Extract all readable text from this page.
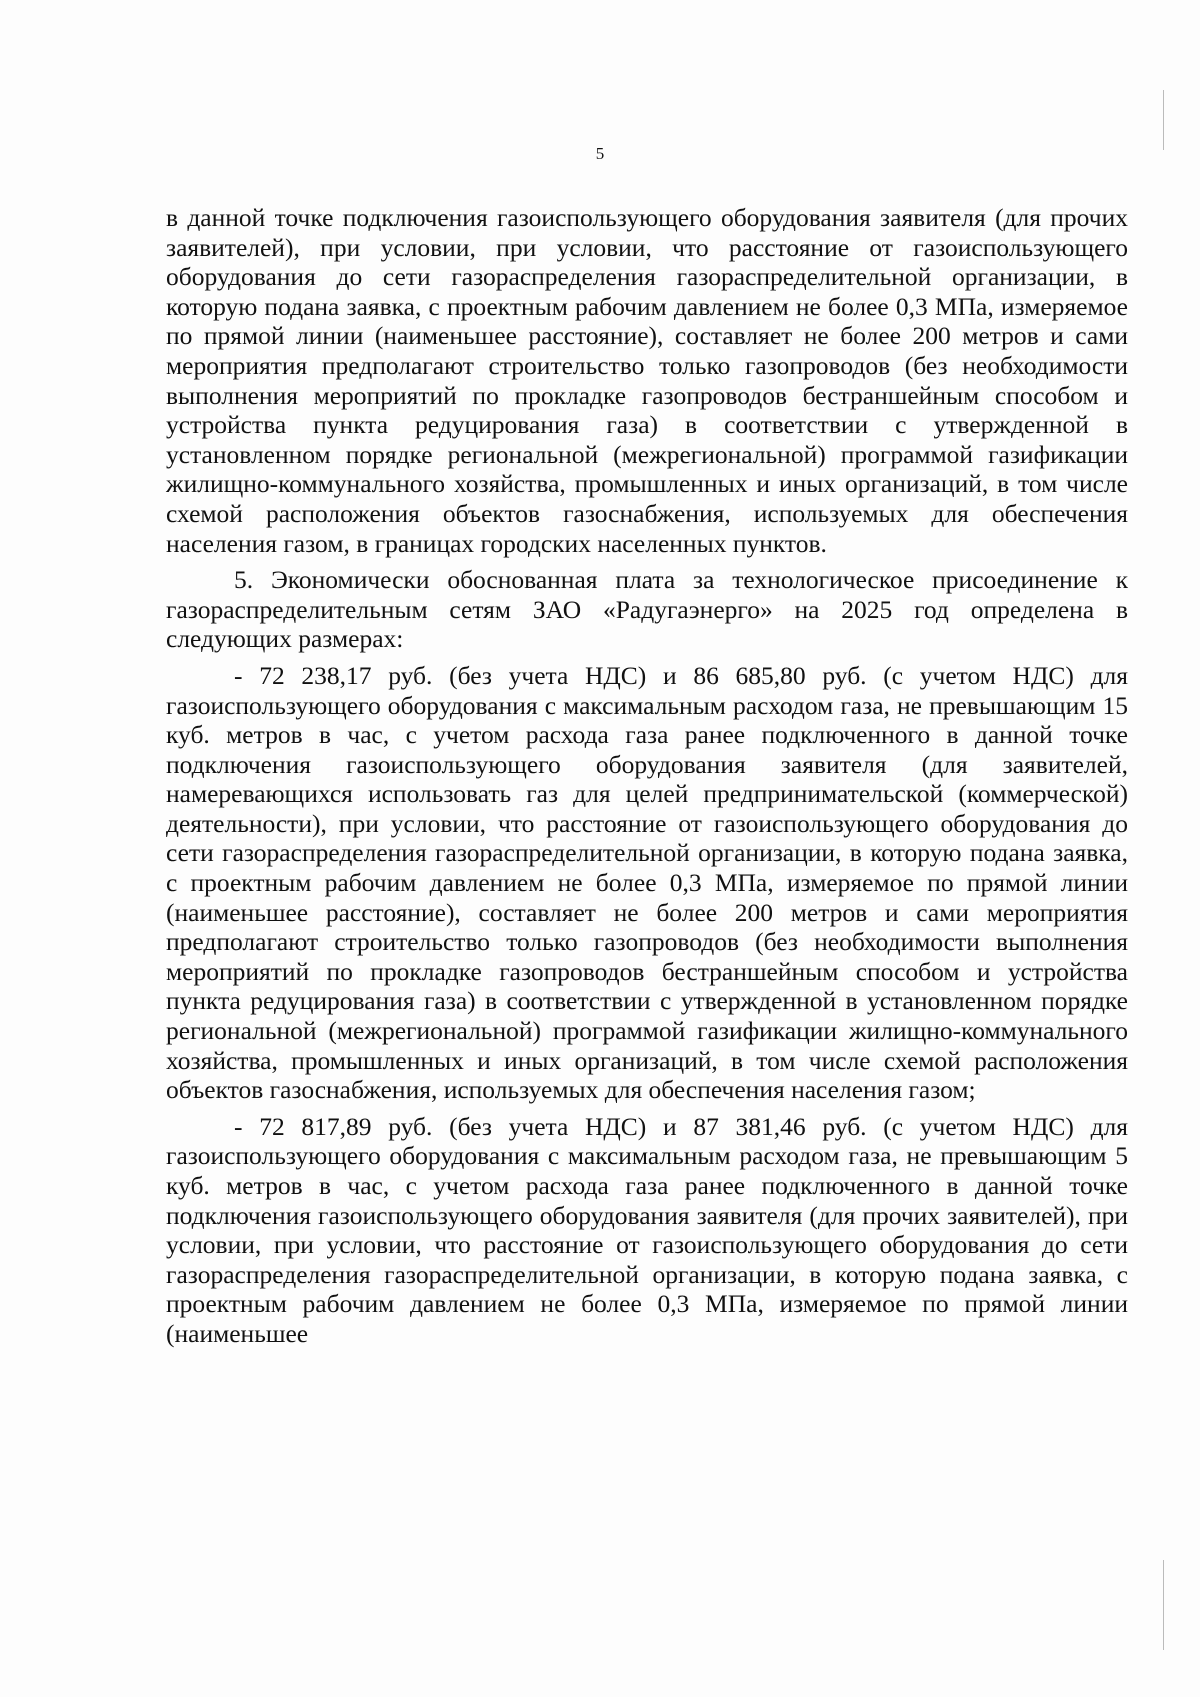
5

в данной точке подключения газоиспользующего оборудования заявителя (для прочих заявителей), при условии, при условии, что расстояние от газоиспользующего оборудования до сети газораспределения газораспределительной организации, в которую подана заявка, с проектным рабочим давлением не более 0,3 МПа, измеряемое по прямой линии (наименьшее расстояние), составляет не более 200 метров и сами мероприятия предполагают строительство только газопроводов (без необходимости выполнения мероприятий по прокладке газопроводов бестраншейным способом и устройства пункта редуцирования газа) в соответствии с утвержденной в установленном порядке региональной (межрегиональной) программой газификации жилищно-коммунального хозяйства, промышленных и иных организаций, в том числе схемой расположения объектов газоснабжения, используемых для обеспечения населения газом, в границах городских населенных пунктов.

5. Экономически обоснованная плата за технологическое присоединение к газораспределительным сетям ЗАО «Радугаэнерго» на 2025 год определена в следующих размерах:

- 72 238,17 руб. (без учета НДС) и 86 685,80 руб. (с учетом НДС) для газоиспользующего оборудования с максимальным расходом газа, не превышающим 15 куб. метров в час, с учетом расхода газа ранее подключенного в данной точке подключения газоиспользующего оборудования заявителя (для заявителей, намеревающихся использовать газ для целей предпринимательской (коммерческой) деятельности), при условии, что расстояние от газоиспользующего оборудования до сети газораспределения газораспределительной организации, в которую подана заявка, с проектным рабочим давлением не более 0,3 МПа, измеряемое по прямой линии (наименьшее расстояние), составляет не более 200 метров и сами мероприятия предполагают строительство только газопроводов (без необходимости выполнения мероприятий по прокладке газопроводов бестраншейным способом и устройства пункта редуцирования газа) в соответствии с утвержденной в установленном порядке региональной (межрегиональной) программой газификации жилищно-коммунального хозяйства, промышленных и иных организаций, в том числе схемой расположения объектов газоснабжения, используемых для обеспечения населения газом;

- 72 817,89 руб. (без учета НДС) и 87 381,46 руб. (с учетом НДС) для газоиспользующего оборудования с максимальным расходом газа, не превышающим 5 куб. метров в час, с учетом расхода газа ранее подключенного в данной точке подключения газоиспользующего оборудования заявителя (для прочих заявителей), при условии, при условии, что расстояние от газоиспользующего оборудования до сети газораспределения газораспределительной организации, в которую подана заявка, с проектным рабочим давлением не более 0,3 МПа, измеряемое по прямой линии (наименьшее
